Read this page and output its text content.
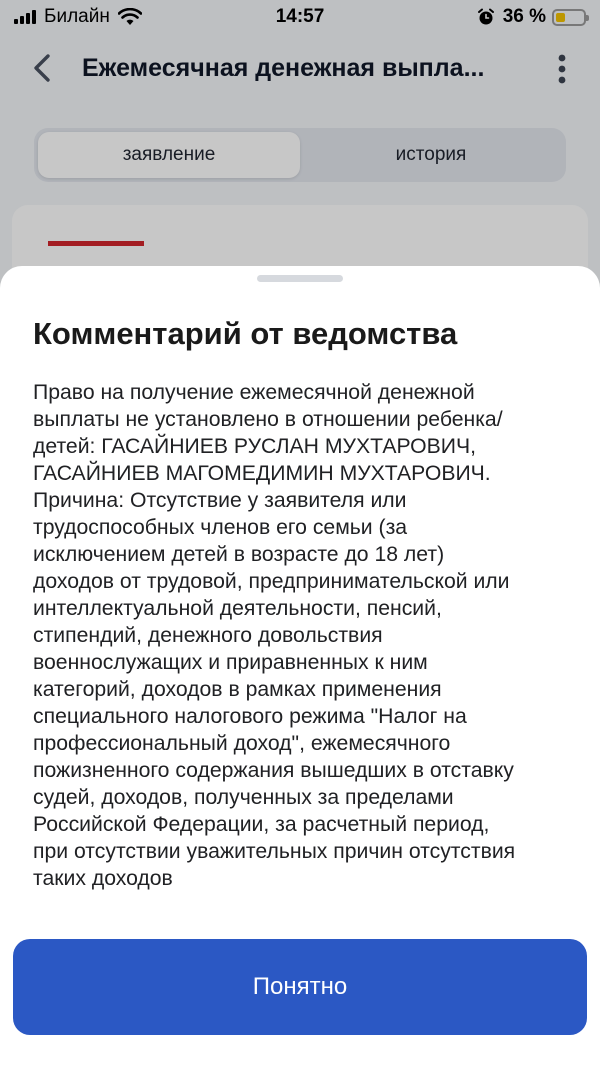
Билайн	14:57	36 %
Ежемесячная денежная выпла...
заявление	история
Комментарий от ведомства
Право на получение ежемесячной денежной
выплаты не установлено в отношении ребенка/
детей: ГАСАЙНИЕВ РУСЛАН МУХТАРОВИЧ,
ГАСАЙНИЕВ МАГОМЕДИМИН МУХТАРОВИЧ.
Причина: Отсутствие у заявителя или
трудоспособных членов его семьи (за
исключением детей в возрасте до 18 лет)
доходов от трудовой, предпринимательской или
интеллектуальной деятельности, пенсий,
стипендий, денежного довольствия
военнослужащих и приравненных к ним
категорий, доходов в рамках применения
специального налогового режима "Налог на
профессиональный доход", ежемесячного
пожизненного содержания вышедших в отставку
судей, доходов, полученных за пределами
Российской Федерации, за расчетный период,
при отсутствии уважительных причин отсутствия
таких доходов
Понятно
